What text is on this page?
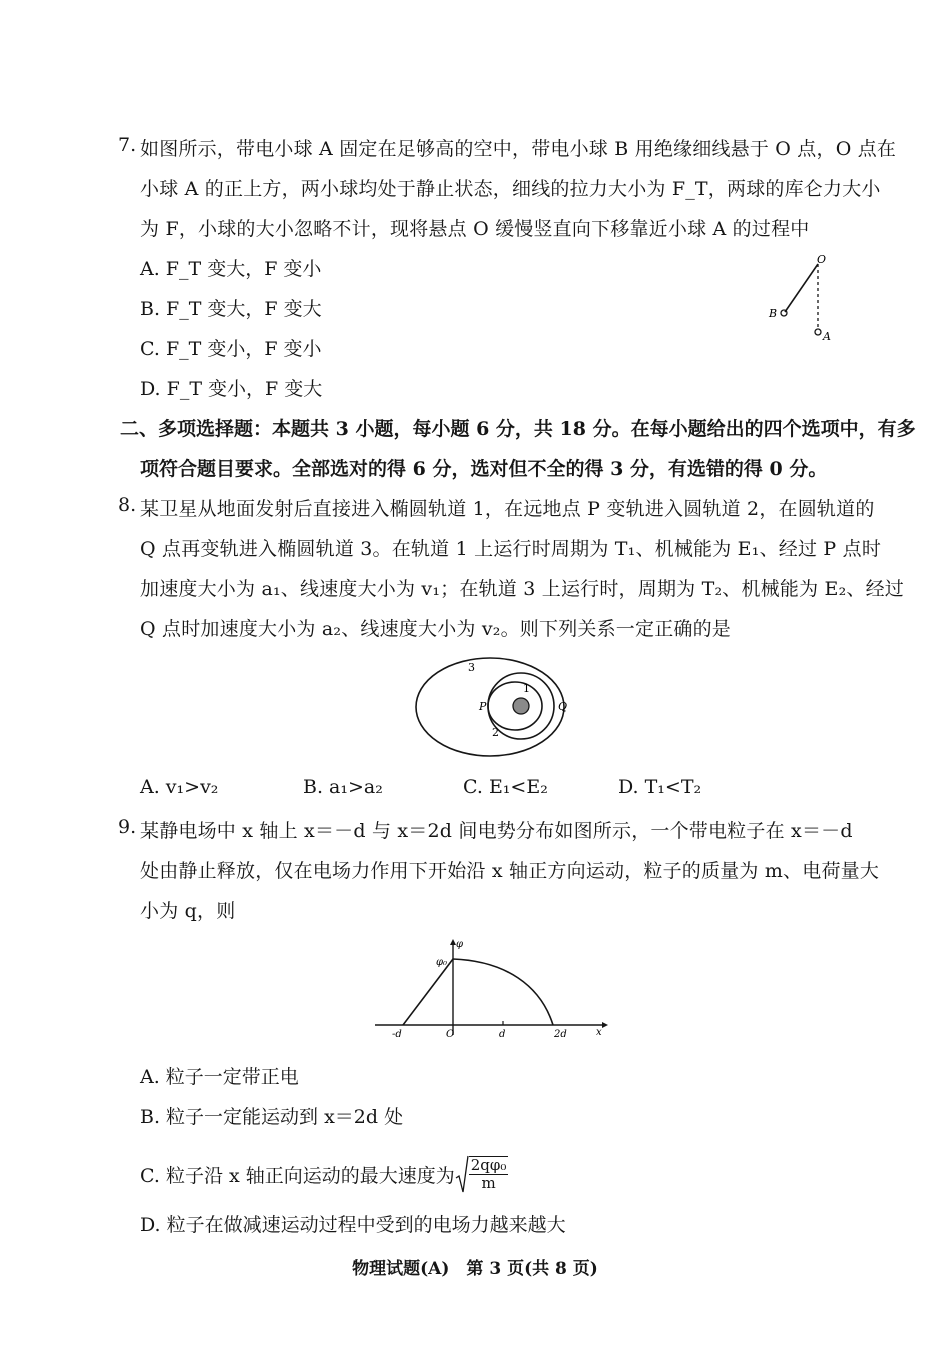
7. 如图所示，带电小球 A 固定在足够高的空中，带电小球 B 用绝缘细线悬于 O 点，O 点在
小球 A 的正上方，两小球均处于静止状态，细线的拉力大小为 F_T，两球的库仑力大小
为 F，小球的大小忽略不计，现将悬点 O 缓慢竖直向下移靠近小球 A 的过程中
A. F_T 变大，F 变小
B. F_T 变大，F 变大
C. F_T 变小，F 变小
D. F_T 变小，F 变大
O
B
A
二、多项选择题：本题共 3 小题，每小题 6 分，共 18 分。在每小题给出的四个选项中，有多
项符合题目要求。全部选对的得 6 分，选对但不全的得 3 分，有选错的得 0 分。
8. 某卫星从地面发射后直接进入椭圆轨道 1，在远地点 P 变轨进入圆轨道 2，在圆轨道的
Q 点再变轨进入椭圆轨道 3。在轨道 1 上运行时周期为 T₁、机械能为 E₁、经过 P 点时
加速度大小为 a₁、线速度大小为 v₁；在轨道 3 上运行时，周期为 T₂、机械能为 E₂、经过
Q 点时加速度大小为 a₂、线速度大小为 v₂。则下列关系一定正确的是
3
1
2
P	Q
A. v₁>v₂	B. a₁>a₂	C. E₁<E₂	D. T₁<T₂
9. 某静电场中 x 轴上 x＝－d 与 x＝2d 间电势分布如图所示，一个带电粒子在 x＝－d
处由静止释放，仅在电场力作用下开始沿 x 轴正方向运动，粒子的质量为 m、电荷量大
小为 q，则
φ
φ₀
x
-d	O	d	2d
A. 粒子一定带正电
B. 粒子一定能运动到 x＝2d 处
C. 粒子沿 x 轴正向运动的最大速度为 $\frac{\text{2qφ₀}}{m}$
D. 粒子在做减速运动过程中受到的电场力越来越大
物理试题(A)　第 3 页(共 8 页)
